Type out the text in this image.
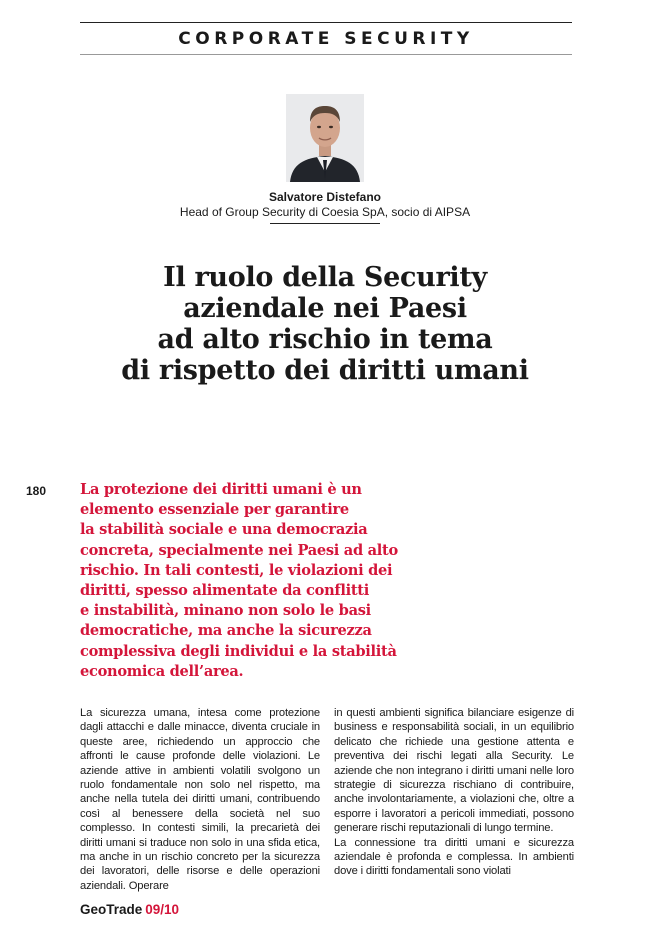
CORPORATE SECURITY
Salvatore Distefano
Head of Group Security di Coesia SpA, socio di AIPSA
Il ruolo della Security
aziendale nei Paesi
ad alto rischio in tema
di rispetto dei diritti umani
180 La protezione dei diritti umani è un
elemento essenziale per garantire
la stabilità sociale e una democrazia
concreta, specialmente nei Paesi ad alto
rischio. In tali contesti, le violazioni dei
diritti, spesso alimentate da conflitti
e instabilità, minano non solo le basi
democratiche, ma anche la sicurezza
complessiva degli individui e la stabilità
economica dell’area.

La sicurezza umana, intesa come protezione dagli attacchi e dalle minacce, diventa cruciale in queste aree, richiedendo un approccio che affronti le cause profonde delle violazioni. Le aziende attive in ambienti volatili svolgono un ruolo fondamentale non solo nel rispetto, ma anche nella tutela dei diritti umani, contribuendo così al benessere della società nel suo complesso. In contesti simili, la precarietà dei diritti umani si traduce non solo in una sfida etica, ma anche in un rischio concreto per la sicurezza dei lavoratori, delle risorse e delle operazioni aziendali. Operare

in questi ambienti significa bilanciare esigenze di business e responsabilità sociali, in un equilibrio delicato che richiede una gestione attenta e preventiva dei rischi legati alla Security. Le aziende che non integrano i diritti umani nelle loro strategie di sicurezza rischiano di contribuire, anche involontariamente, a violazioni che, oltre a esporre i lavoratori a pericoli immediati, possono generare rischi reputazionali di lungo termine.

La connessione tra diritti umani e sicurezza aziendale è profonda e complessa. In ambienti dove i diritti fondamentali sono violati

GeoTrade 09/10
